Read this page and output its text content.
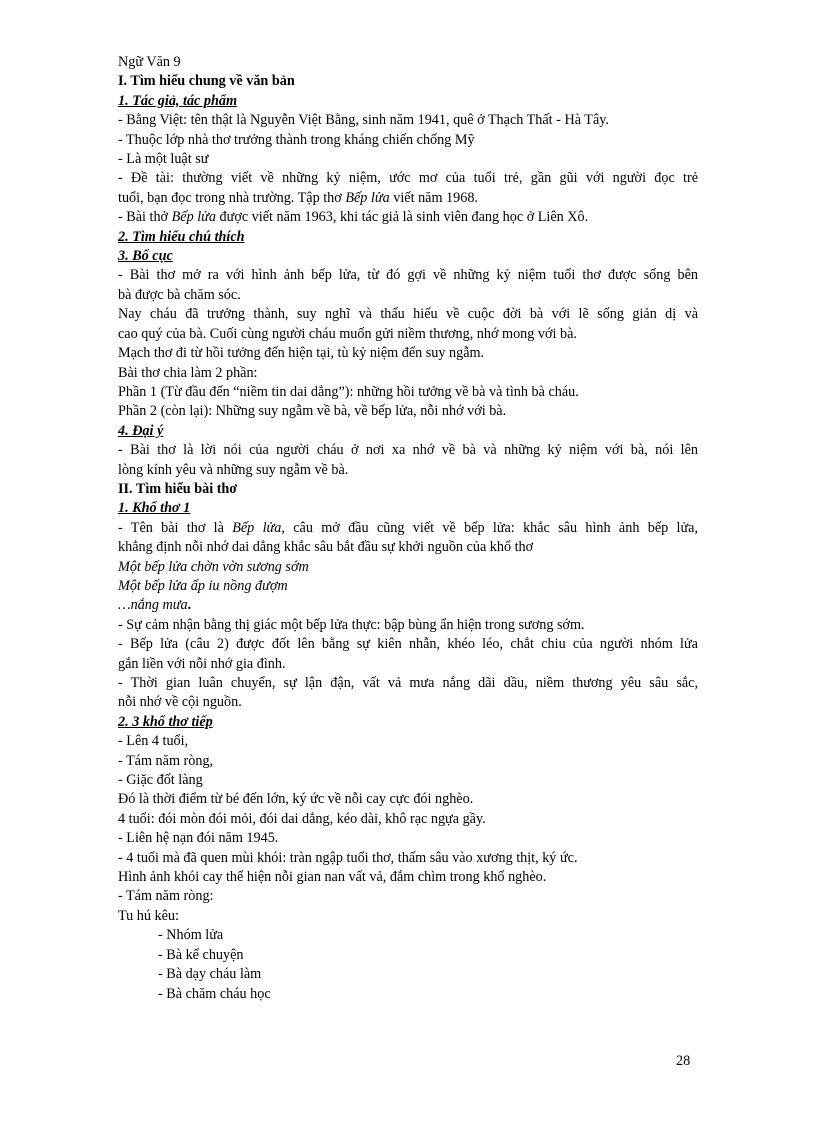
Ngữ Văn 9
I. Tìm hiểu chung về văn bản
1. Tác giả, tác phẩm
- Bằng Việt: tên thật là Nguyễn Việt Bằng, sinh năm 1941, quê ở Thạch Thất - Hà Tây.
- Thuộc lớp nhà thơ trưởng thành trong kháng chiến chống Mỹ
- Là một luật sư
- Đề tài: thường viết về những kỷ niệm, ước mơ của tuổi trẻ, gần gũi với người đọc trẻ
tuổi, bạn đọc trong nhà trường. Tập thơ Bếp lửa viết năm 1968.
- Bài thở Bếp lửa được viết năm 1963, khi tác giả là sinh viên đang học ở Liên Xô.
2. Tìm hiểu chú thích
3. Bố cục
- Bài thơ mở ra với hình ảnh bếp lửa, từ đó gợi về những kỷ niệm tuổi thơ được sống bên
bà được bà chăm sóc.
Nay cháu đã trưởng thành, suy nghĩ và thấu hiểu về cuộc đời bà với lẽ sống giản dị và
cao quý của bà. Cuối cùng người cháu muốn gửi niềm thương, nhớ mong với bà.
Mạch thơ đi từ hồi tưởng đến hiện tại, tù kỷ niệm đến suy ngẫm.
Bài thơ chia làm 2 phần:
Phần 1 (Từ đầu đến “niềm tin dai dẳng”): những hồi tưởng về bà và tình bà cháu.
Phần 2 (còn lại): Những suy ngẫm về bà, về bếp lửa, nỗi nhớ với bà.
4. Đại ý
- Bài thơ là lời nói của người cháu ở nơi xa nhớ về bà và những kỷ niệm với bà, nói lên
lòng kính yêu và những suy ngẫm về bà.
II. Tìm hiểu bài thơ
1. Khổ thơ 1
- Tên bài thơ là Bếp lửa, câu mở đầu cũng viết về bếp lửa: khắc sâu hình ảnh bếp lửa,
khẳng định nỗi nhớ dai dẳng khắc sâu bắt đầu sự khởi nguồn của khổ thơ
Một bếp lửa chờn vờn sương sớm
Một bếp lửa ấp iu nồng đượm
…nắng mưa.
- Sự cảm nhận bằng thị giác một bếp lửa thực: bập bùng ẩn hiện trong sương sớm.
- Bếp lửa (câu 2) được đốt lên bằng sự kiên nhẫn, khéo léo, chắt chiu của người nhóm lửa
gắn liền với nỗi nhớ gia đình.
- Thời gian luân chuyển, sự lận đận, vất vả mưa nắng dãi dầu, niềm thương yêu sâu sắc,
nỗi nhớ về cội nguồn.
2. 3 khổ thơ tiếp
- Lên 4 tuổi,
- Tám năm ròng,
- Giặc đốt làng
Đó là thời điểm từ bé đến lớn, ký ức về nỗi cay cực đói nghèo.
4 tuổi: đói mòn đói mỏi, đói dai dẳng, kéo dài, khô rạc ngựa gầy.
- Liên hệ nạn đói năm 1945.
- 4 tuổi mà đã quen mùi khói: tràn ngập tuổi thơ, thấm sâu vào xương thịt, ký ức.
Hình ảnh khói cay thể hiện nỗi gian nan vất vả, đắm chìm trong khổ nghèo.
- Tám năm ròng:
Tu hú kêu:
- Nhóm lửa
- Bà kể chuyện
- Bà dạy cháu làm
- Bà chăm cháu học
28
